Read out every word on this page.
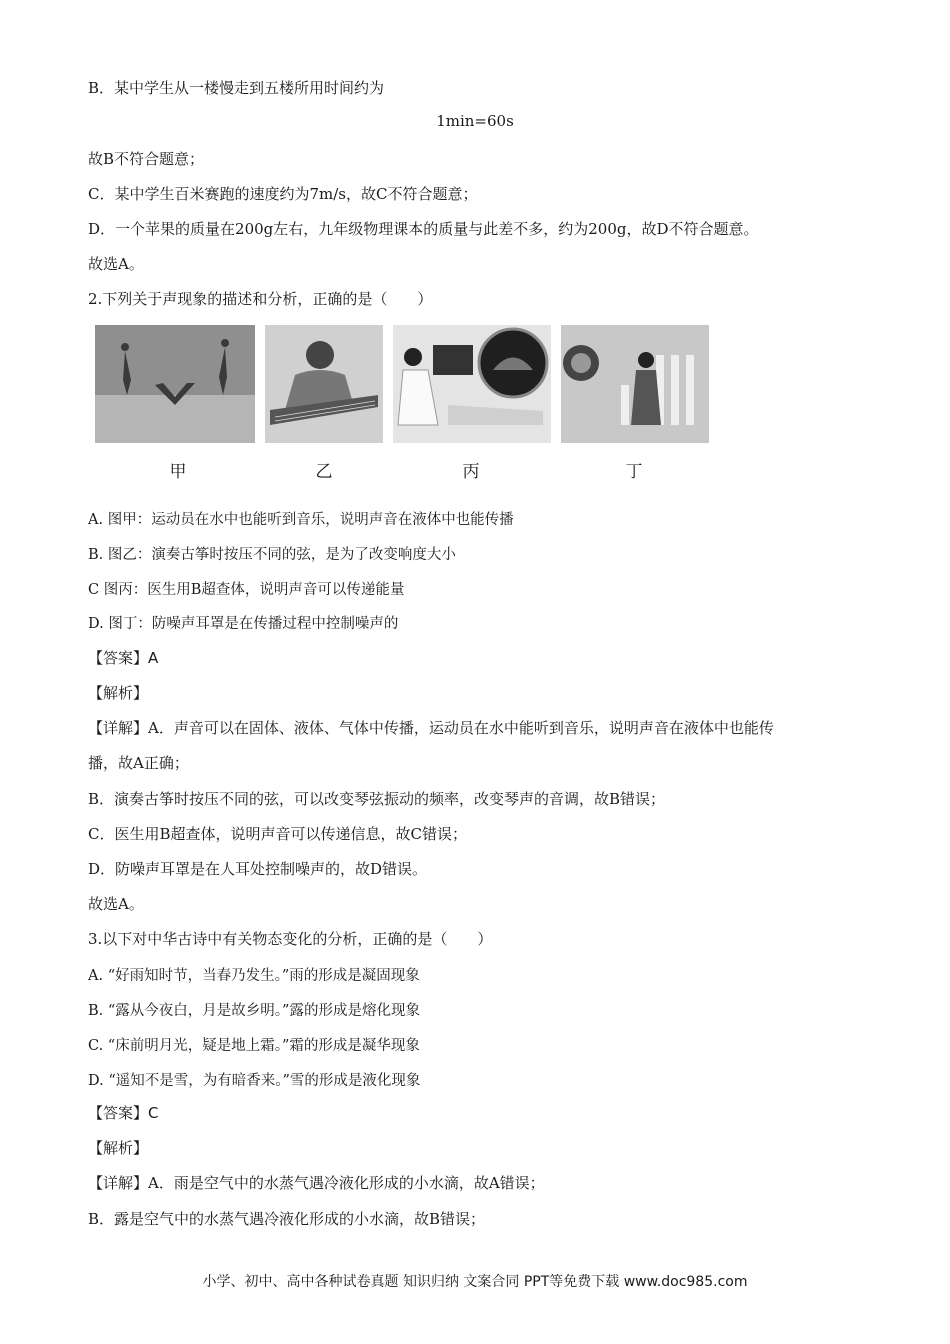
B．某中学生从一楼慢走到五楼所用时间约为
1min=60s
故B不符合题意；
C．某中学生百米赛跑的速度约为7m/s，故C不符合题意；
D．一个苹果的质量在200g左右，九年级物理课本的质量与此差不多，约为200g，故D不符合题意。
故选A。
2.下列关于声现象的描述和分析，正确的是（　　）
甲	乙	丙	丁
A. 图甲：运动员在水中也能听到音乐，说明声音在液体中也能传播
B. 图乙：演奏古筝时按压不同的弦，是为了改变响度大小
C 图丙：医生用B超查体，说明声音可以传递能量
D. 图丁：防噪声耳罩是在传播过程中控制噪声的
【答案】A
【解析】
【详解】A．声音可以在固体、液体、气体中传播，运动员在水中能听到音乐，说明声音在液体中也能传
播，故A正确；
B．演奏古筝时按压不同的弦，可以改变琴弦振动的频率，改变琴声的音调，故B错误；
C．医生用B超查体，说明声音可以传递信息，故C错误；
D．防噪声耳罩是在人耳处控制噪声的，故D错误。
故选A。
3.以下对中华古诗中有关物态变化的分析，正确的是（　　）
A. “好雨知时节，当春乃发生。”雨的形成是凝固现象
B. “露从今夜白，月是故乡明。”露的形成是熔化现象
C. “床前明月光，疑是地上霜。”霜的形成是凝华现象
D. “遥知不是雪，为有暗香来。”雪的形成是液化现象
【答案】C
【解析】
【详解】A．雨是空气中的水蒸气遇冷液化形成的小水滴，故A错误；
B．露是空气中的水蒸气遇冷液化形成的小水滴，故B错误；
小学、初中、高中各种试卷真题 知识归纳 文案合同 PPT等免费下载 www.doc985.com
